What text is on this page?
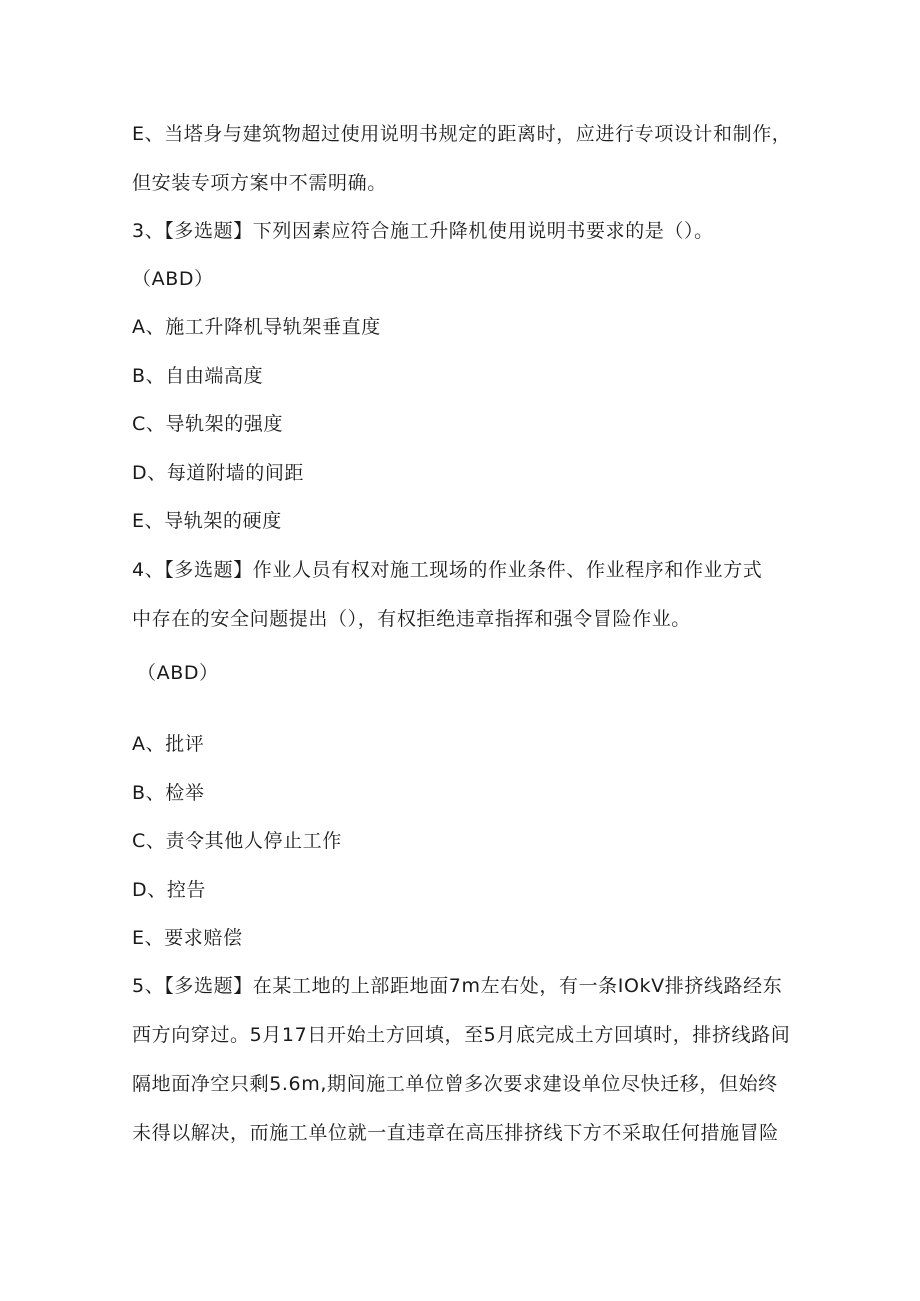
E、当塔身与建筑物超过使用说明书规定的距离时，应进行专项设计和制作，
但安装专项方案中不需明确。
3、【多选题】下列因素应符合施工升降机使用说明书要求的是（）。
（ABD）
A、施工升降机导轨架垂直度
B、自由端高度
C、导轨架的强度
D、每道附墙的间距
E、导轨架的硬度
4、【多选题】作业人员有权对施工现场的作业条件、作业程序和作业方式
中存在的安全问题提出（），有权拒绝违章指挥和强令冒险作业。
（ABD）
A、批评
B、检举
C、责令其他人停止工作
D、控告
E、要求赔偿
5、【多选题】在某工地的上部距地面7m左右处，有一条IOkV排挤线路经东
西方向穿过。5月17日开始土方回填，至5月底完成土方回填时，排挤线路间
隔地面净空只剩5.6m,期间施工单位曾多次要求建设单位尽快迁移，但始终
未得以解决，而施工单位就一直违章在高压排挤线下方不采取任何措施冒险
